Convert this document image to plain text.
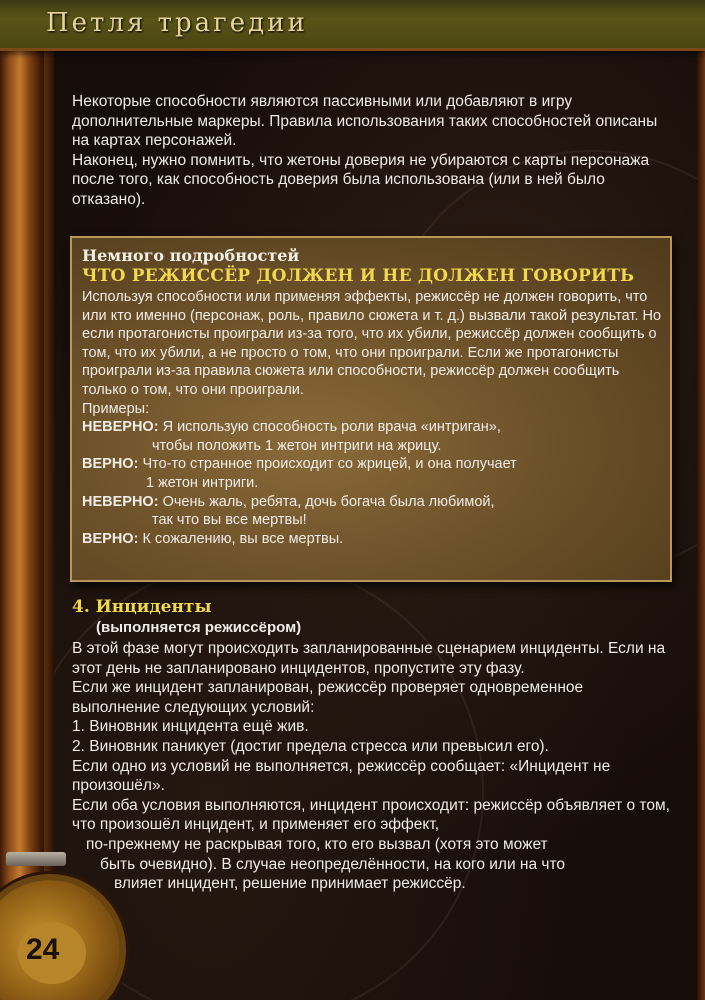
Петля трагедии

Некоторые способности являются пассивными или добавляют в игру дополнительные маркеры. Правила использования таких способностей описаны на картах персонажей.

Наконец, нужно помнить, что жетоны доверия не убираются с карты персонажа после того, как способность доверия была использована (или в ней было отказано).

Немного подробностей

ЧТО РЕЖИССЁР ДОЛЖЕН И НЕ ДОЛЖЕН ГОВОРИТЬ

Используя способности или применяя эффекты, режиссёр не должен говорить, что или кто именно (персонаж, роль, правило сюжета и т. д.) вызвали такой результат. Но если протагонисты проиграли из-за того, что их убили, режиссёр должен сообщить о том, что их убили, а не просто о том, что они проиграли. Если же протагонисты проиграли из-за правила сюжета или способности, режиссёр должен сообщить только о том, что они проиграли.

Примеры:

НЕВЕРНО: Я использую способность роли врача «интриган»,
чтобы положить 1 жетон интриги на жрицу.

ВЕРНО: Что-то странное происходит со жрицей, и она получает
1 жетон интриги.

НЕВЕРНО: Очень жаль, ребята, дочь богача была любимой,
так что вы все мертвы!

ВЕРНО: К сожалению, вы все мертвы.

4. Инциденты
(выполняется режиссёром)

В этой фазе могут происходить запланированные сценарием инциденты. Если на этот день не запланировано инцидентов, пропустите эту фазу.

Если же инцидент запланирован, режиссёр проверяет одновременное выполнение следующих условий:

1. Виновник инцидента ещё жив.

2. Виновник паникует (достиг предела стресса или превысил его).

Если одно из условий не выполняется, режиссёр сообщает: «Инцидент не произошёл».

Если оба условия выполняются, инцидент происходит: режиссёр объявляет о том, что произошёл инцидент, и применяет его эффект,

по-прежнему не раскрывая того, кто его вызвал (хотя это может

быть очевидно). В случае неопределённости, на кого или на что

влияет инцидент, решение принимает режиссёр.

24
